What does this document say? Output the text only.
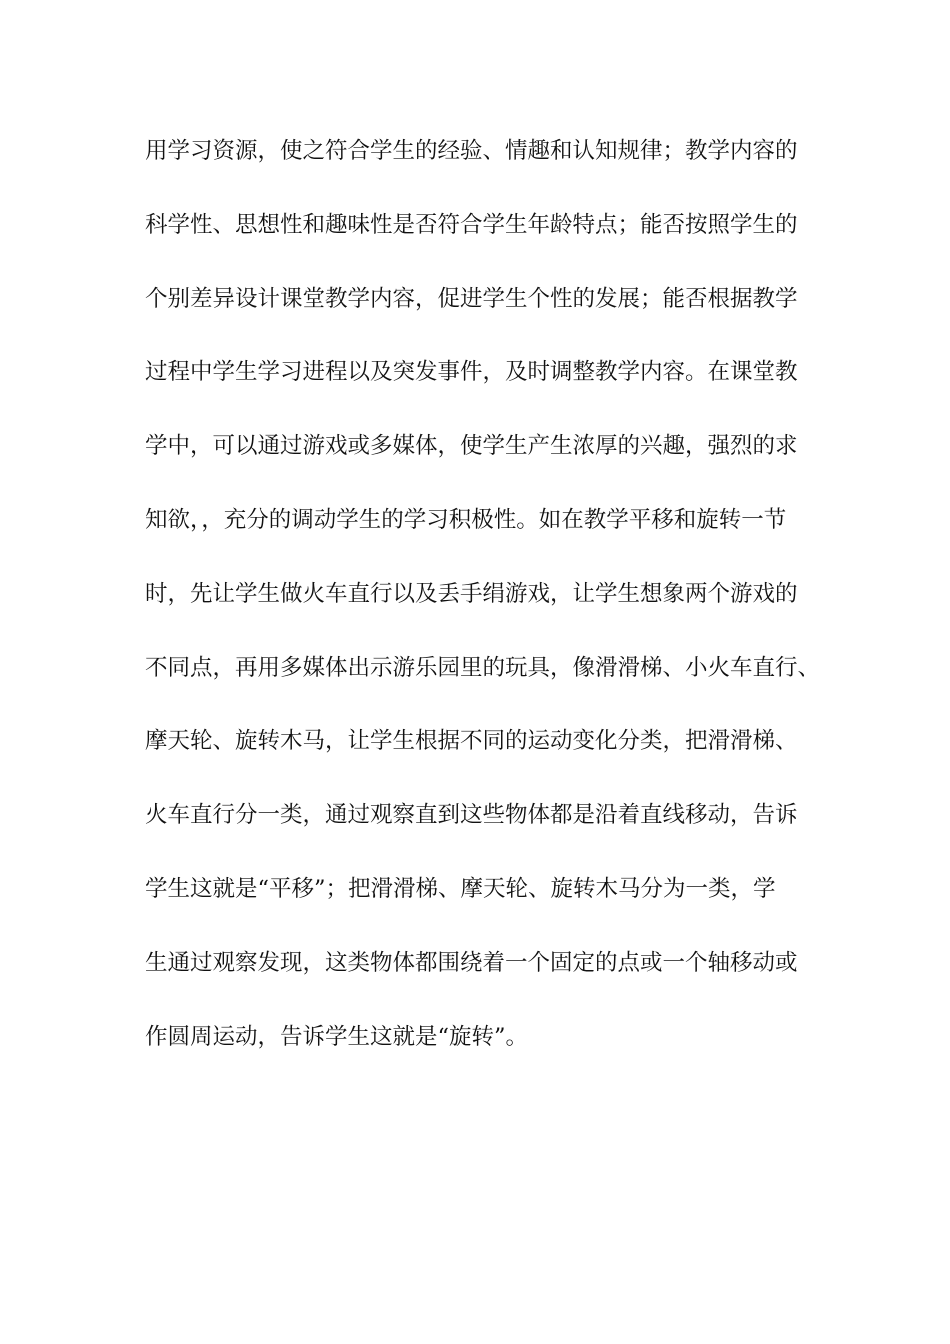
用学习资源，使之符合学生的经验、情趣和认知规律；教学内容的
科学性、思想性和趣味性是否符合学生年龄特点；能否按照学生的
个别差异设计课堂教学内容，促进学生个性的发展；能否根据教学
过程中学生学习进程以及突发事件，及时调整教学内容。在课堂教
学中，可以通过游戏或多媒体，使学生产生浓厚的兴趣，强烈的求
知欲，，充分的调动学生的学习积极性。如在教学平移和旋转一节
时，先让学生做火车直行以及丢手绢游戏，让学生想象两个游戏的
不同点，再用多媒体出示游乐园里的玩具，像滑滑梯、小火车直行、
摩天轮、旋转木马，让学生根据不同的运动变化分类，把滑滑梯、
火车直行分一类，通过观察直到这些物体都是沿着直线移动，告诉
学生这就是“平移”；把滑滑梯、摩天轮、旋转木马分为一类，学
生通过观察发现，这类物体都围绕着一个固定的点或一个轴移动或
作圆周运动，告诉学生这就是“旋转”。
